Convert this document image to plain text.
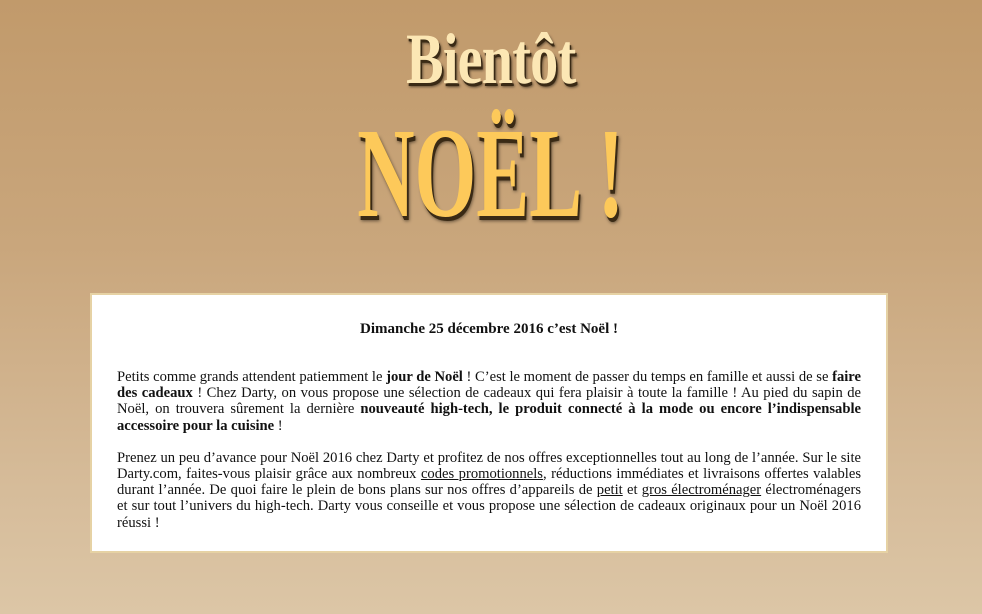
Bientôt
NOËL !
Dimanche 25 décembre 2016 c’est Noël !

Petits comme grands attendent patiemment le jour de Noël ! C’est le moment de passer du temps en famille et aussi de se faire des cadeaux ! Chez Darty, on vous propose une sélection de cadeaux qui fera plaisir à toute la famille ! Au pied du sapin de Noël, on trouvera sûrement la dernière nouveauté high-tech, le produit connecté à la mode ou encore l’indispensable accessoire pour la cuisine !

Prenez un peu d’avance pour Noël 2016 chez Darty et profitez de nos offres exceptionnelles tout au long de l’année. Sur le site Darty.com, faites-vous plaisir grâce aux nombreux codes promotionnels, réductions immédiates et livraisons offertes valables durant l’année. De quoi faire le plein de bons plans sur nos offres d’appareils de petit et gros électroménager électroménagers et sur tout l’univers du high-tech. Darty vous conseille et vous propose une sélection de cadeaux originaux pour un Noël 2016 réussi !
